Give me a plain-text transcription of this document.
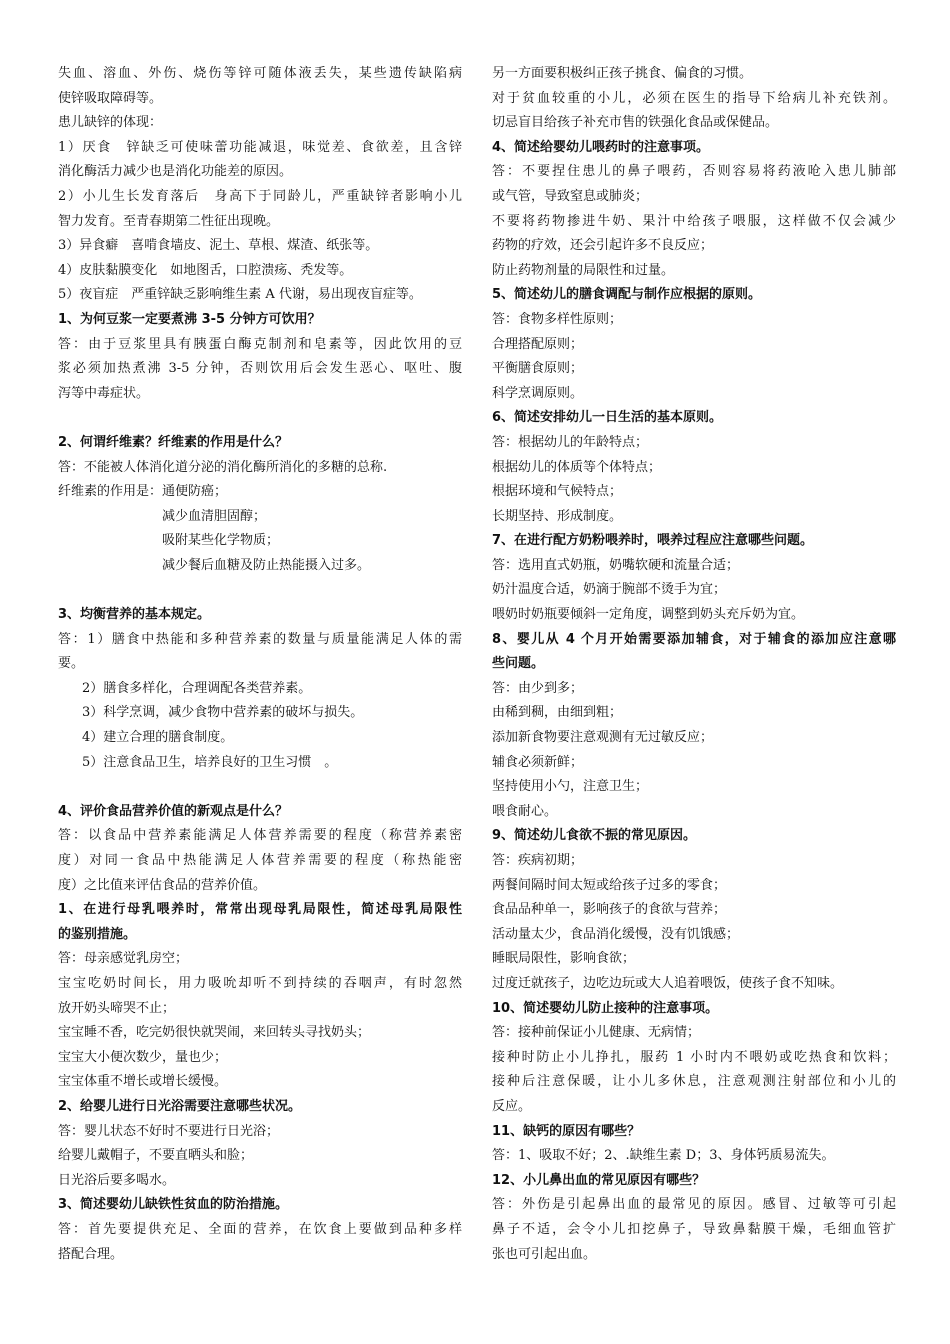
失血、溶血、外伤、烧伤等锌可随体液丢失，某些遗传缺陷病
使锌吸取障碍等。
患儿缺锌的体现：
1）厌食　锌缺乏可使味蕾功能减退，味觉差、食欲差，且含锌
消化酶活力减少也是消化功能差的原因。
2）小儿生长发育落后　身高下于同龄儿，严重缺锌者影响小儿
智力发育。至青春期第二性征出现晚。
3）异食癖　喜啃食墙皮、泥土、草根、煤渣、纸张等。
4）皮肤黏膜变化　如地图舌，口腔溃疡、秃发等。
5）夜盲症　严重锌缺乏影响维生素 A 代谢，易出现夜盲症等。
1、为何豆浆一定要煮沸 3-5 分钟方可饮用？
答：由于豆浆里具有胰蛋白酶克制剂和皂素等，因此饮用的豆
浆必须加热煮沸 3-5 分钟，否则饮用后会发生恶心、呕吐、腹
泻等中毒症状。
2、何谓纤维素？纤维素的作用是什么？
答：不能被人体消化道分泌的消化酶所消化的多糖的总称.
纤维素的作用是：通便防癌；
减少血清胆固醇；
吸附某些化学物质；
减少餐后血糖及防止热能摄入过多。
3、均衡营养的基本规定。
答：1）膳食中热能和多种营养素的数量与质量能满足人体的需
要。
2）膳食多样化，合理调配各类营养素。
3）科学烹调，减少食物中营养素的破坏与损失。
4）建立合理的膳食制度。
5）注意食品卫生，培养良好的卫生习惯　。
4、评价食品营养价值的新观点是什么？
答：以食品中营养素能满足人体营养需要的程度（称营养素密
度）对同一食品中热能满足人体营养需要的程度（称热能密
度）之比值来评估食品的营养价值。
1、在进行母乳喂养时，常常出现母乳局限性，简述母乳局限性
的鉴别措施。
答：母亲感觉乳房空；
宝宝吃奶时间长，用力吸吮却听不到持续的吞咽声，有时忽然
放开奶头啼哭不止；
宝宝睡不香，吃完奶很快就哭闹，来回转头寻找奶头；
宝宝大小便次数少，量也少；
宝宝体重不增长或增长缓慢。
2、给婴儿进行日光浴需要注意哪些状况。
答：婴儿状态不好时不要进行日光浴；
给婴儿戴帽子，不要直晒头和脸；
日光浴后要多喝水。
3、简述婴幼儿缺铁性贫血的防治措施。
答：首先要提供充足、全面的营养，在饮食上要做到品种多样
搭配合理。
另一方面要积极纠正孩子挑食、偏食的习惯。
对于贫血较重的小儿，必须在医生的指导下给病儿补充铁剂。
切忌盲目给孩子补充市售的铁强化食品或保健品。
4、简述给婴幼儿喂药时的注意事项。
答：不要捏住患儿的鼻子喂药，否则容易将药液呛入患儿肺部
或气管，导致窒息或肺炎；
不要将药物掺进牛奶、果汁中给孩子喂服，这样做不仅会减少
药物的疗效，还会引起许多不良反应；
防止药物剂量的局限性和过量。
5、简述幼儿的膳食调配与制作应根据的原则。
答：食物多样性原则；
合理搭配原则；
平衡膳食原则；
科学烹调原则。
6、简述安排幼儿一日生活的基本原则。
答：根据幼儿的年龄特点；
根据幼儿的体质等个体特点；
根据环境和气候特点；
长期坚持、形成制度。
7、在进行配方奶粉喂养时，喂养过程应注意哪些问题。
答：选用直式奶瓶，奶嘴软硬和流量合适；
奶汁温度合适，奶滴于腕部不烫手为宜；
喂奶时奶瓶要倾斜一定角度，调整到奶头充斥奶为宜。
8、婴儿从 4 个月开始需要添加辅食，对于辅食的添加应注意哪
些问题。
答：由少到多；
由稀到稠，由细到粗；
添加新食物要注意观测有无过敏反应；
辅食必须新鲜；
坚持使用小勺，注意卫生；
喂食耐心。
9、简述幼儿食欲不振的常见原因。
答：疾病初期；
两餐间隔时间太短或给孩子过多的零食；
食品品种单一，影响孩子的食欲与营养；
活动量太少，食品消化缓慢，没有饥饿感；
睡眠局限性，影响食欲；
过度迁就孩子，边吃边玩或大人追着喂饭，使孩子食不知味。
10、简述婴幼儿防止接种的注意事项。
答：接种前保证小儿健康、无病情；
接种时防止小儿挣扎，服药 1 小时内不喂奶或吃热食和饮料；
接种后注意保暖，让小儿多休息，注意观测注射部位和小儿的
反应。
11、缺钙的原因有哪些？
答：1、吸取不好；2、.缺维生素 D；3、身体钙质易流失。
12、小儿鼻出血的常见原因有哪些？
答：外伤是引起鼻出血的最常见的原因。感冒、过敏等可引起
鼻子不适，会令小儿扣挖鼻子，导致鼻黏膜干燥，毛细血管扩
张也可引起出血。
